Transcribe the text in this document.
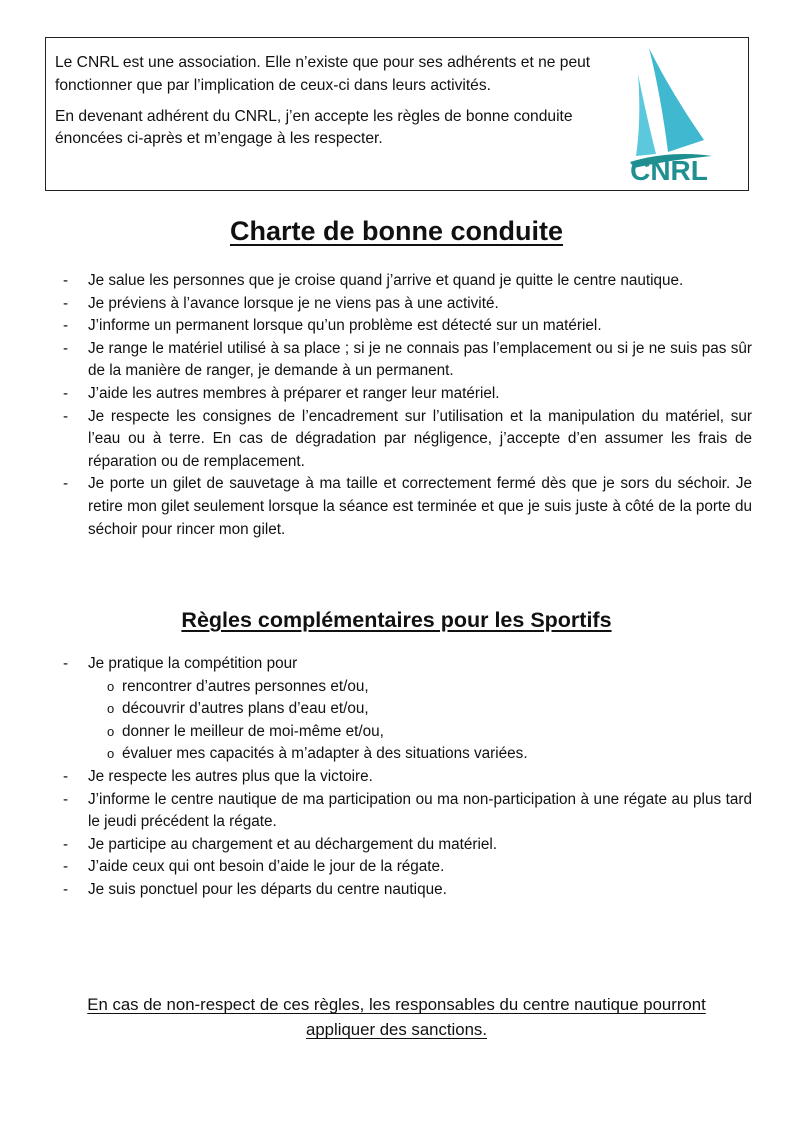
Le CNRL est une association. Elle n’existe que pour ses adhérents et ne peut fonctionner que par l’implication de ceux-ci dans leurs activités.

En devenant adhérent du CNRL, j’en accepte les règles de bonne conduite énoncées ci-après et m’engage à les respecter.

CNRL
Charte de bonne conduite
- Je salue les personnes que je croise quand j’arrive et quand je quitte le centre nautique.
- Je préviens à l’avance lorsque je ne viens pas à une activité.
- J’informe un permanent lorsque qu’un problème est détecté sur un matériel.
- Je range le matériel utilisé à sa place ; si je ne connais pas l’emplacement ou si je ne suis pas sûr de la manière de ranger, je demande à un permanent.
- J’aide les autres membres à préparer et ranger leur matériel.
- Je respecte les consignes de l’encadrement sur l’utilisation et la manipulation du matériel, sur l’eau ou à terre. En cas de dégradation par négligence, j’accepte d’en assumer les frais de réparation ou de remplacement.
- Je porte un gilet de sauvetage à ma taille et correctement fermé dès que je sors du séchoir. Je retire mon gilet seulement lorsque la séance est terminée et que je suis juste à côté de la porte du séchoir pour rincer mon gilet.
Règles complémentaires pour les Sportifs
- Je pratique la compétition pour
o rencontrer d’autres personnes et/ou,
o découvrir d’autres plans d’eau et/ou,
o donner le meilleur de moi-même et/ou,
o évaluer mes capacités à m’adapter à des situations variées.
- Je respecte les autres plus que la victoire.
- J’informe le centre nautique de ma participation ou ma non-participation à une régate au plus tard le jeudi précédent la régate.
- Je participe au chargement et au déchargement du matériel.
- J’aide ceux qui ont besoin d’aide le jour de la régate.
- Je suis ponctuel pour les départs du centre nautique.
En cas de non-respect de ces règles, les responsables du centre nautique pourront
appliquer des sanctions.
